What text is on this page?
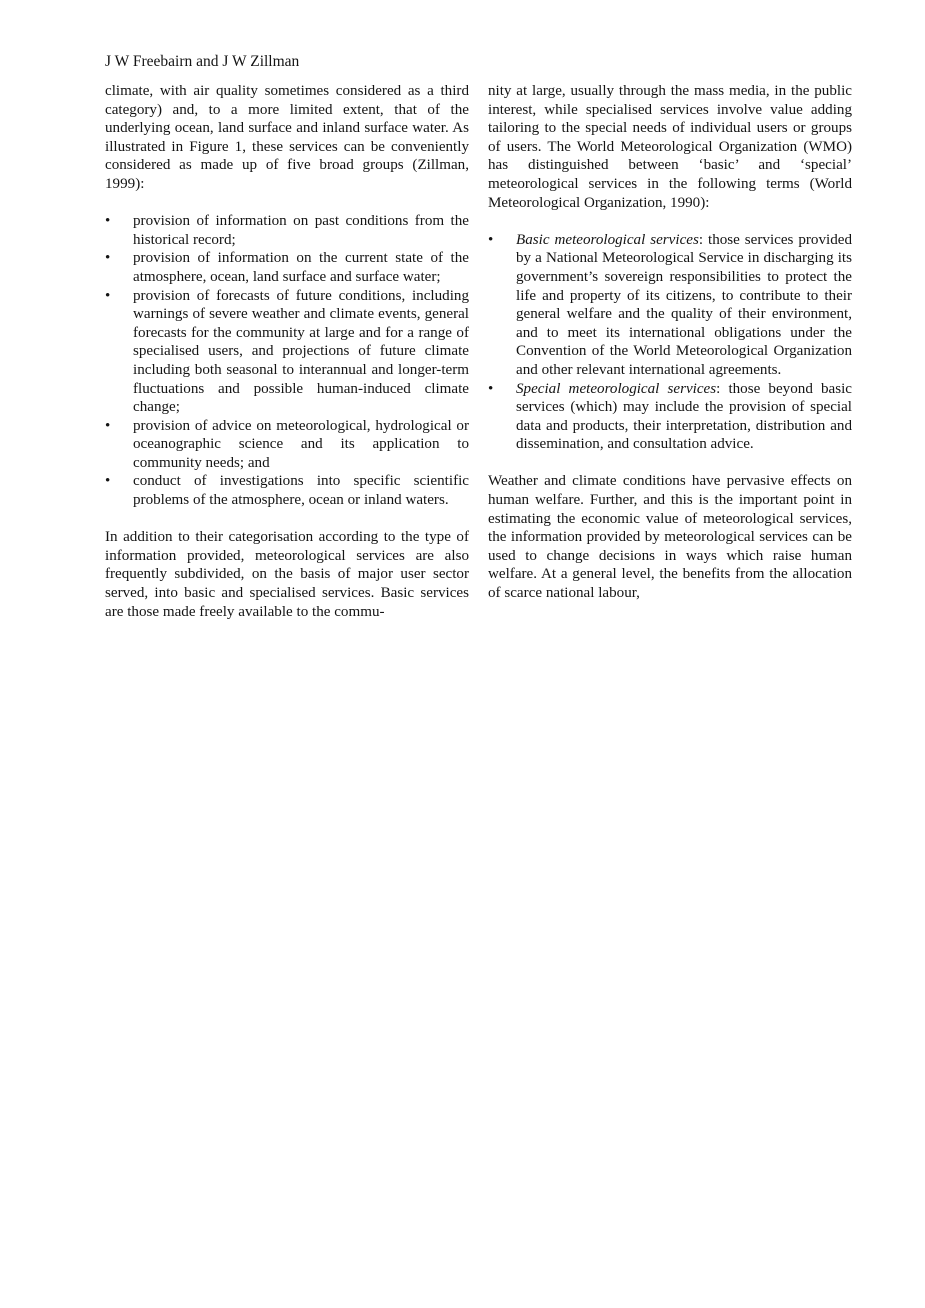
J W Freebairn and J W Zillman

climate, with air quality sometimes considered as a third category) and, to a more limited extent, that of the underlying ocean, land surface and inland surface water. As illustrated in Figure 1, these services can be conveniently considered as made up of five broad groups (Zillman, 1999):

• provision of information on past conditions from the historical record;
• provision of information on the current state of the atmosphere, ocean, land surface and surface water;
• provision of forecasts of future conditions, including warnings of severe weather and climate events, general forecasts for the community at large and for a range of specialised users, and projections of future climate including both seasonal to interannual and longer-term fluctuations and possible human-induced climate change;
• provision of advice on meteorological, hydrological or oceanographic science and its application to community needs; and
• conduct of investigations into specific scientific problems of the atmosphere, ocean or inland waters.

In addition to their categorisation according to the type of information provided, meteorological services are also frequently subdivided, on the basis of major user sector served, into basic and specialised services. Basic services are those made freely available to the commu-

nity at large, usually through the mass media, in the public interest, while specialised services involve value adding tailoring to the special needs of individual users or groups of users. The World Meteorological Organization (WMO) has distinguished between ‘basic’ and ‘special’ meteorological services in the following terms (World Meteorological Organization, 1990):

• Basic meteorological services: those services provided by a National Meteorological Service in discharging its government’s sovereign responsibilities to protect the life and property of its citizens, to contribute to their general welfare and the quality of their environment, and to meet its international obligations under the Convention of the World Meteorological Organization and other relevant international agreements.
• Special meteorological services: those beyond basic services (which) may include the provision of special data and products, their interpretation, distribution and dissemination, and consultation advice.

Weather and climate conditions have pervasive effects on human welfare. Further, and this is the important point in estimating the economic value of meteorological services, the information provided by meteorological services can be used to change decisions in ways which raise human welfare. At a general level, the benefits from the allocation of scarce national labour,
